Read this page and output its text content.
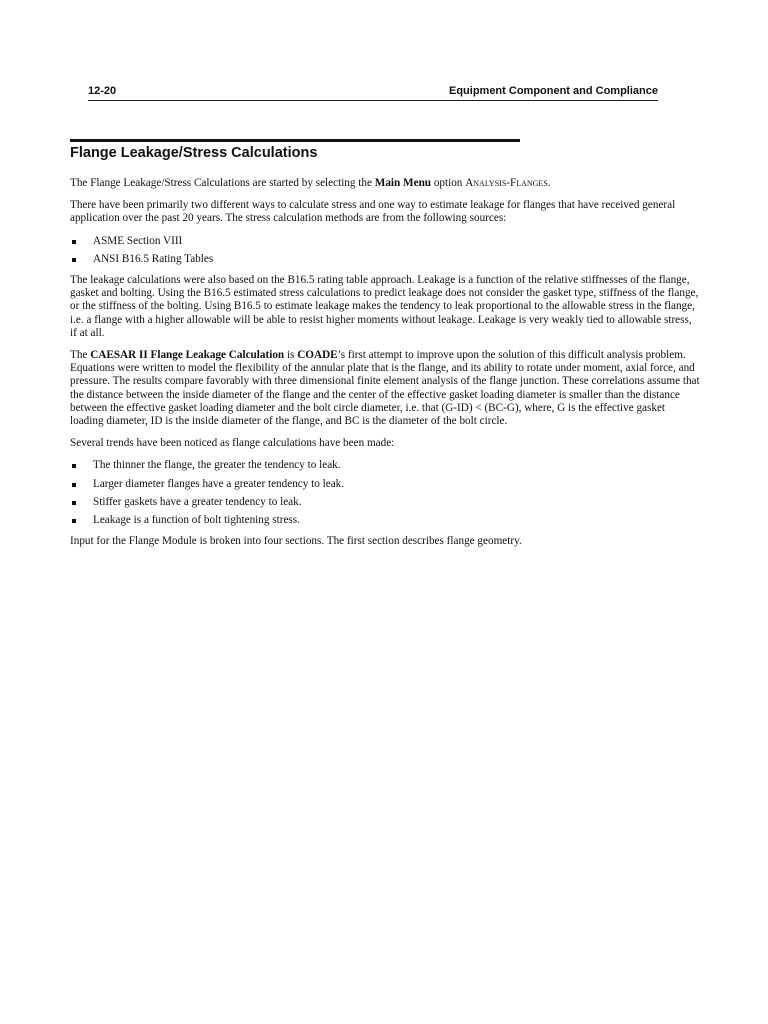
12-20	Equipment Component and Compliance
Flange Leakage/Stress Calculations

The Flange Leakage/Stress Calculations are started by selecting the Main Menu option Analysis-Flanges.

There have been primarily two different ways to calculate stress and one way to estimate leakage for flanges that have received general application over the past 20 years. The stress calculation methods are from the following sources:

ASME Section VIII
ANSI B16.5 Rating Tables

The leakage calculations were also based on the B16.5 rating table approach. Leakage is a function of the relative stiffnesses of the flange, gasket and bolting. Using the B16.5 estimated stress calculations to predict leakage does not consider the gasket type, stiffness of the flange, or the stiffness of the bolting. Using B16.5 to estimate leakage makes the tendency to leak proportional to the allowable stress in the flange, i.e. a flange with a higher allowable will be able to resist higher moments without leakage. Leakage is very weakly tied to allowable stress, if at all.

The CAESAR II Flange Leakage Calculation is COADE’s first attempt to improve upon the solution of this difficult analysis problem. Equations were written to model the flexibility of the annular plate that is the flange, and its ability to rotate under moment, axial force, and pressure. The results compare favorably with three dimensional finite element analysis of the flange junction. These correlations assume that the distance between the inside diameter of the flange and the center of the effective gasket loading diameter is smaller than the distance between the effective gasket loading diameter and the bolt circle diameter, i.e. that (G-ID) < (BC-G), where, G is the effective gasket loading diameter, ID is the inside diameter of the flange, and BC is the diameter of the bolt circle.

Several trends have been noticed as flange calculations have been made:

The thinner the flange, the greater the tendency to leak.
Larger diameter flanges have a greater tendency to leak.
Stiffer gaskets have a greater tendency to leak.
Leakage is a function of bolt tightening stress.

Input for the Flange Module is broken into four sections. The first section describes flange geometry.
